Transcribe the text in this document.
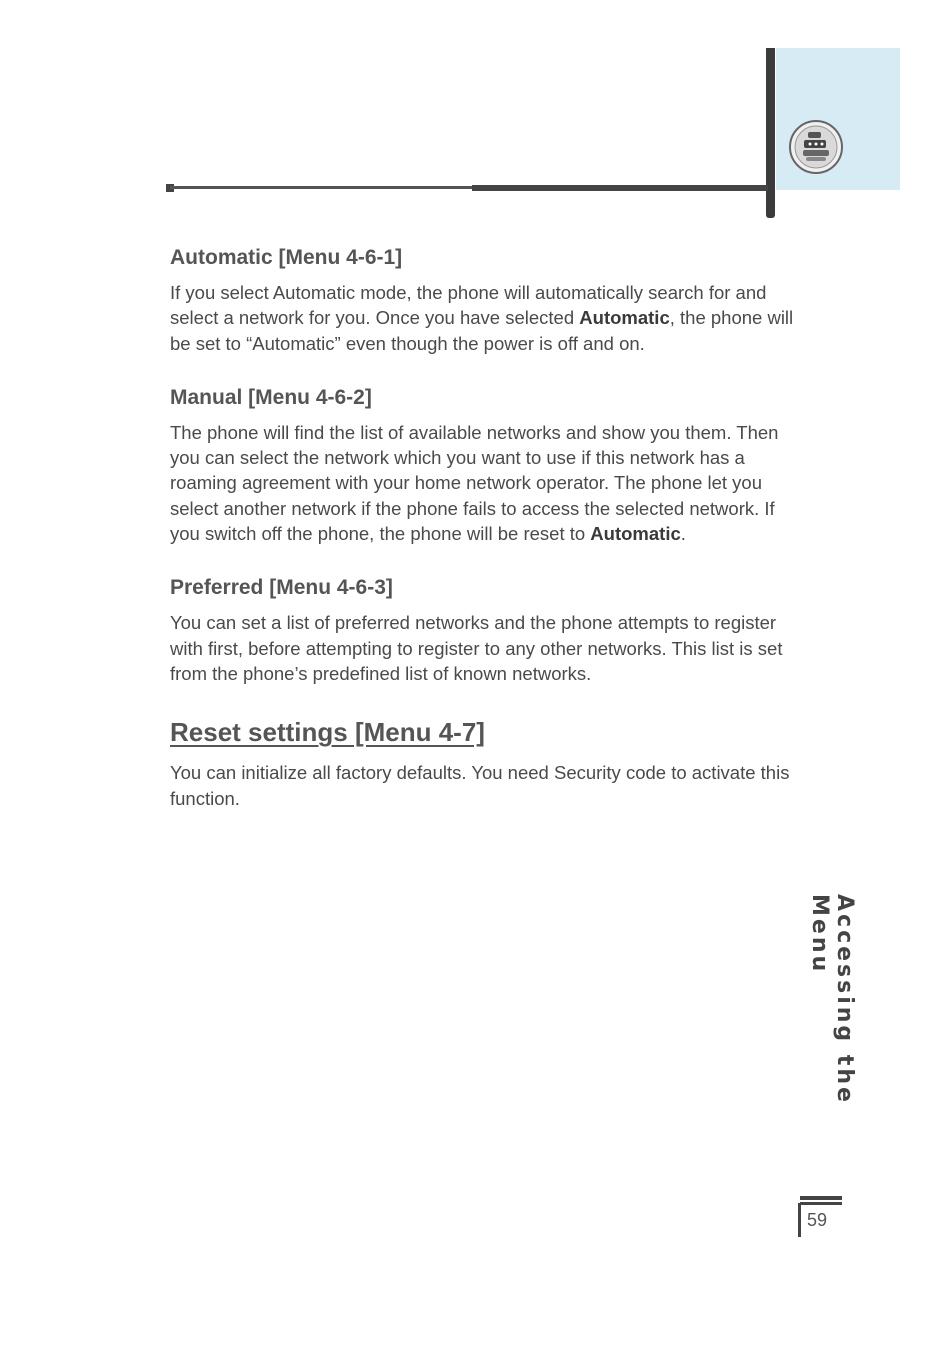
Automatic [Menu 4-6-1]

If you select Automatic mode, the phone will automatically search for and select a network for you. Once you have selected Automatic, the phone will be set to “Automatic” even though the power is off and on.

Manual [Menu 4-6-2]

The phone will find the list of available networks and show you them. Then you can select the network which you want to use if this network has a roaming agreement with your home network operator. The phone let you select another network if the phone fails to access the selected network. If you switch off the phone, the phone will be reset to Automatic.

Preferred [Menu 4-6-3]

You can set a list of preferred networks and the phone attempts to register with first, before attempting to register to any other networks. This list is set from the phone’s predefined list of known networks.

Reset settings [Menu 4-7]

You can initialize all factory defaults. You need Security code to activate this function.

Accessing the Menu
59
